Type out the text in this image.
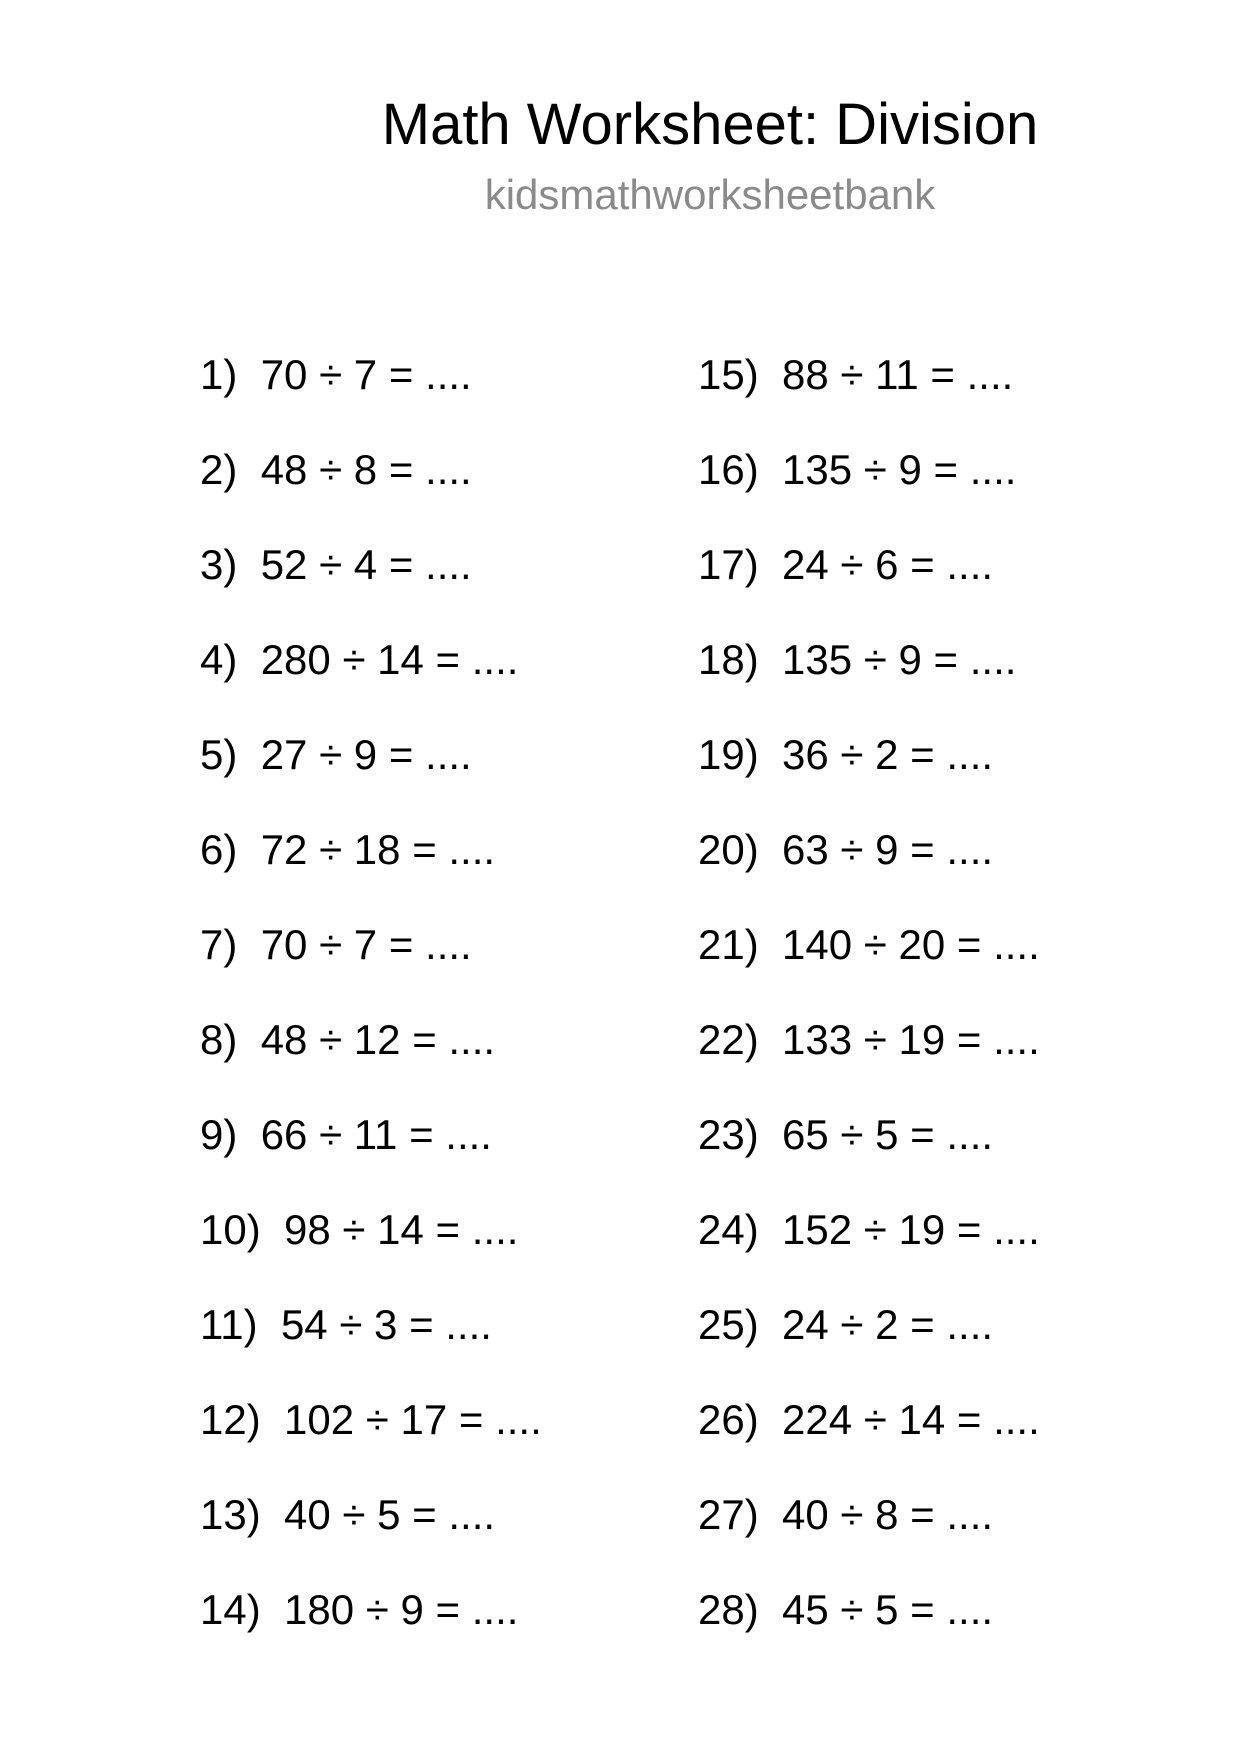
Math Worksheet: Division
kidsmathworksheetbank
1) 70 ÷ 7 = ....
2) 48 ÷ 8 = ....
3) 52 ÷ 4 = ....
4) 280 ÷ 14 = ....
5) 27 ÷ 9 = ....
6) 72 ÷ 18 = ....
7) 70 ÷ 7 = ....
8) 48 ÷ 12 = ....
9) 66 ÷ 11 = ....
10) 98 ÷ 14 = ....
11) 54 ÷ 3 = ....
12) 102 ÷ 17 = ....
13) 40 ÷ 5 = ....
14) 180 ÷ 9 = ....
15) 88 ÷ 11 = ....
16) 135 ÷ 9 = ....
17) 24 ÷ 6 = ....
18) 135 ÷ 9 = ....
19) 36 ÷ 2 = ....
20) 63 ÷ 9 = ....
21) 140 ÷ 20 = ....
22) 133 ÷ 19 = ....
23) 65 ÷ 5 = ....
24) 152 ÷ 19 = ....
25) 24 ÷ 2 = ....
26) 224 ÷ 14 = ....
27) 40 ÷ 8 = ....
28) 45 ÷ 5 = ....
